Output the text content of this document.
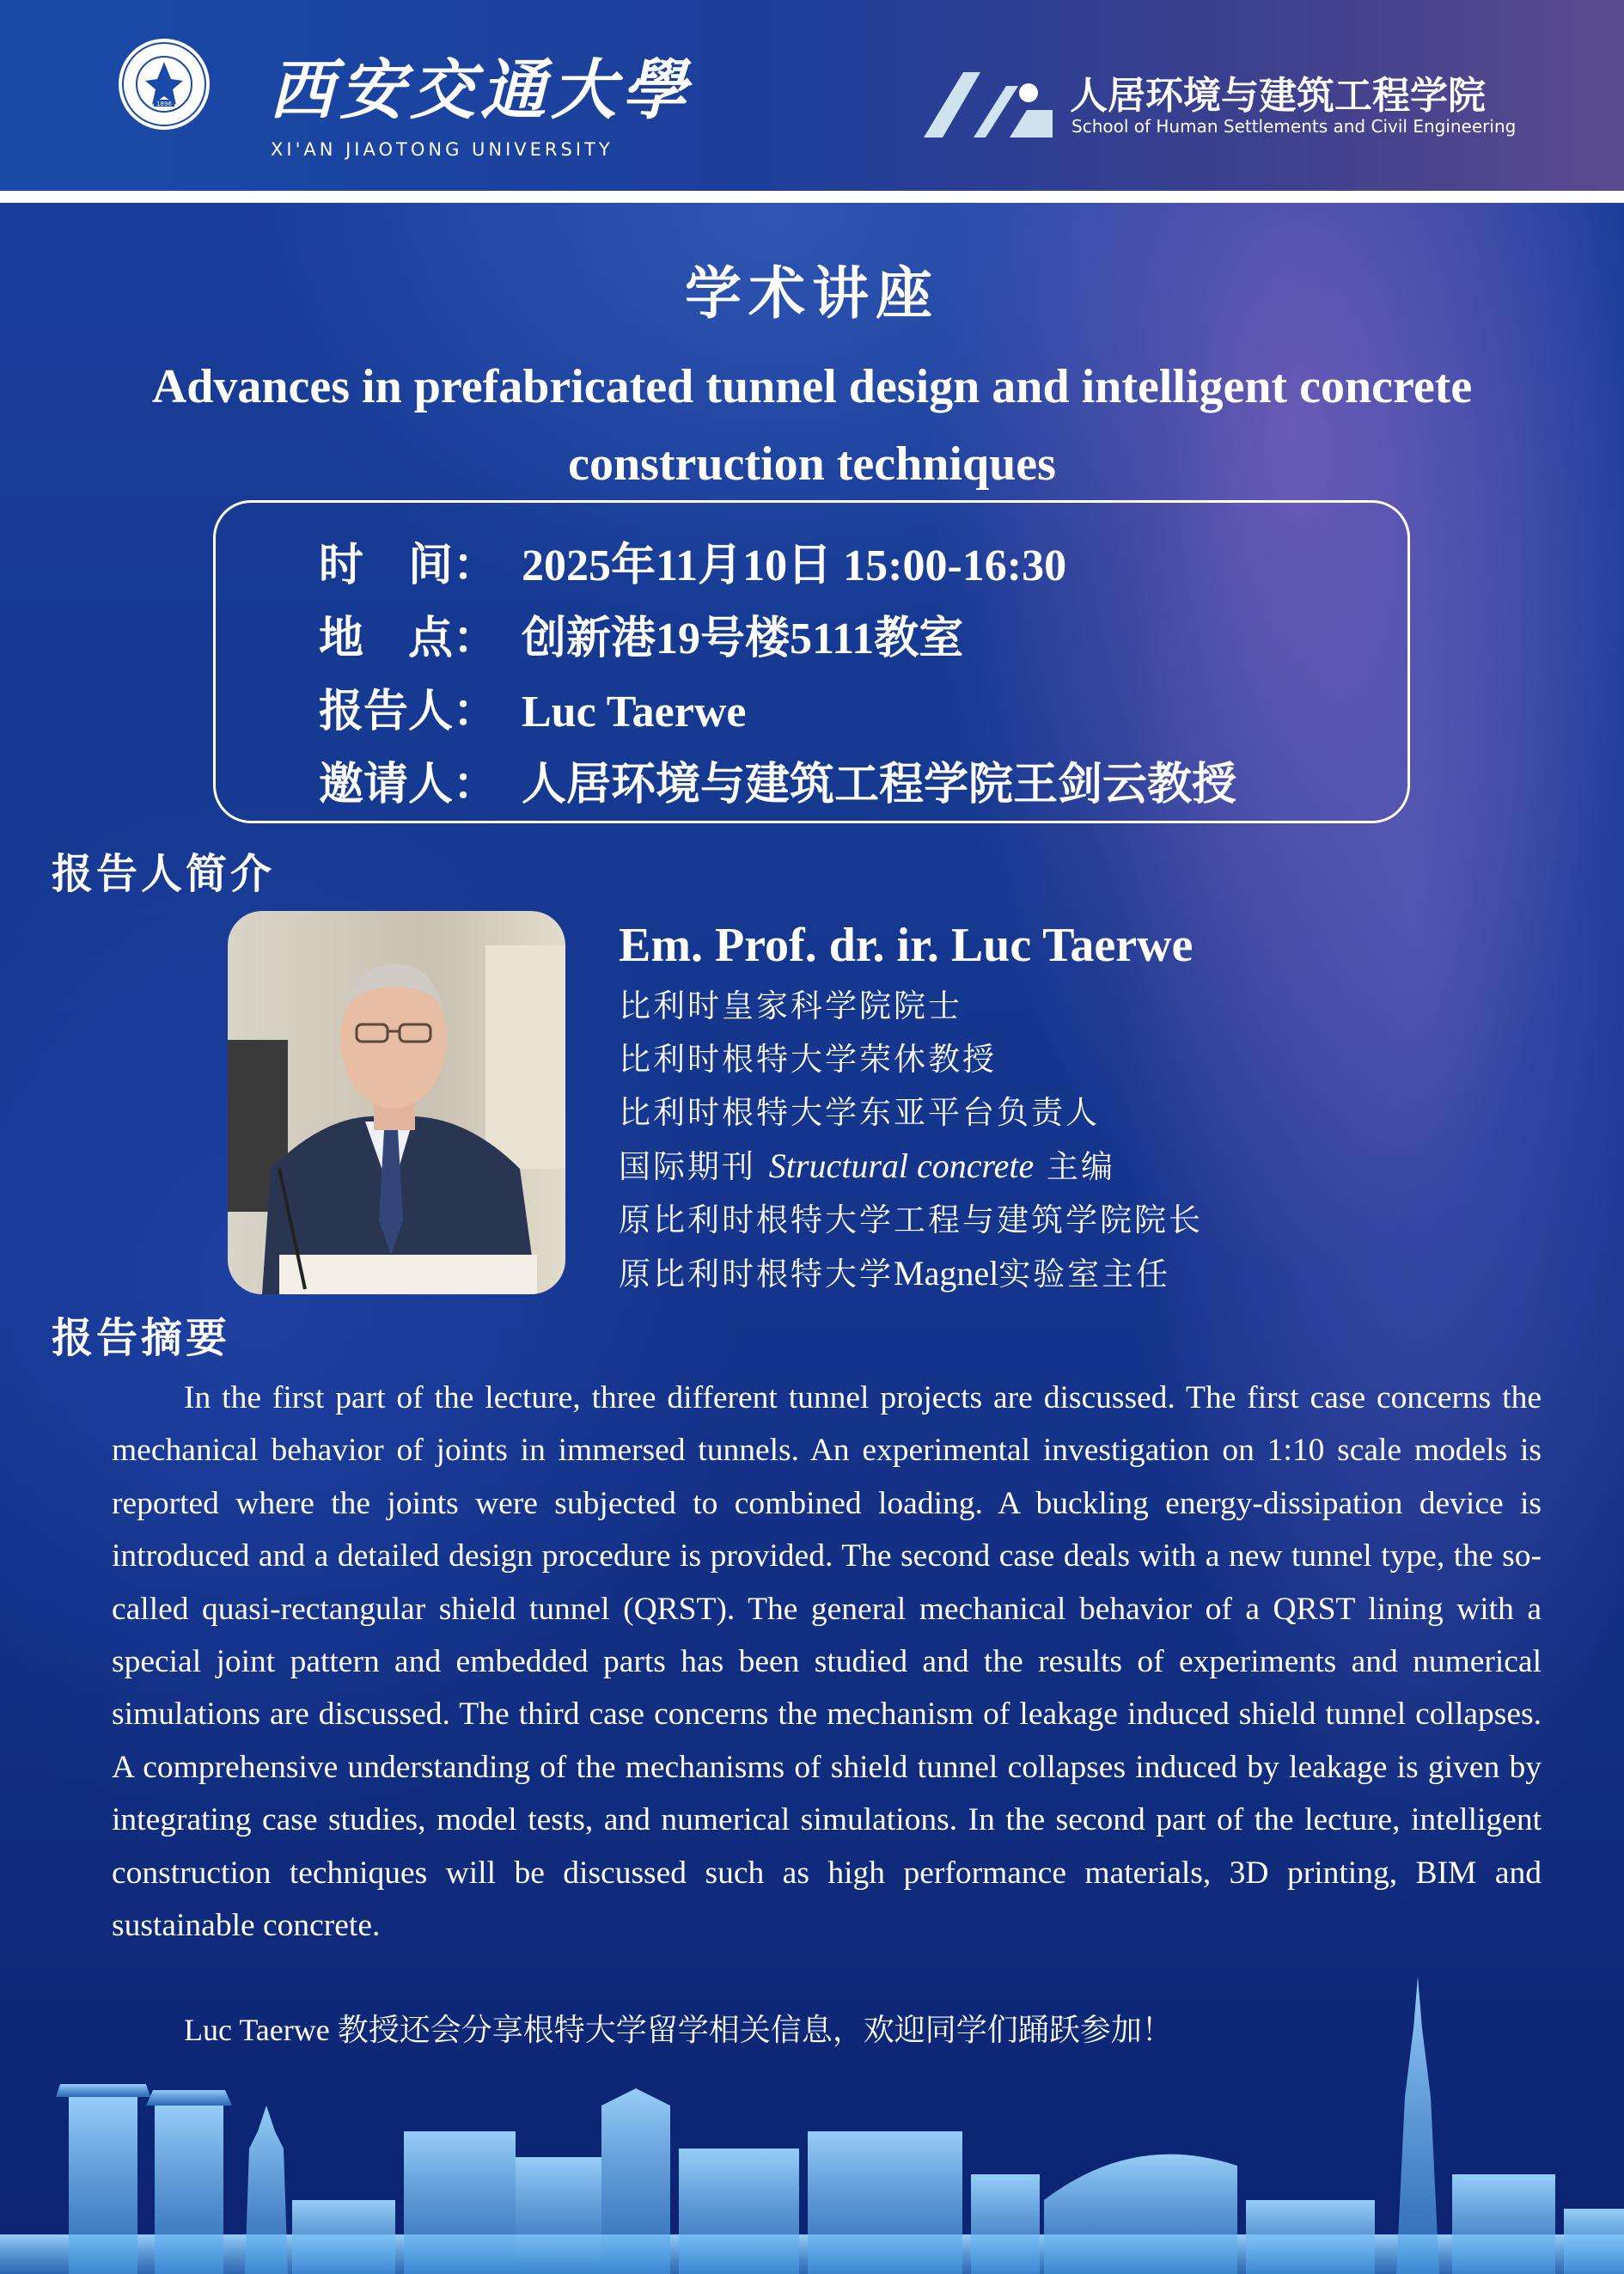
1896 西安交通大學
XI'AN JIAOTONG UNIVERSITY
人居环境与建筑工程学院
School of Human Settlements and Civil Engineering
学术讲座
Advances in prefabricated tunnel design and intelligent concrete construction techniques
时　间： 2025年11月10日 15:00-16:30
地　点： 创新港19号楼5111教室
报告人： Luc Taerwe
邀请人： 人居环境与建筑工程学院王剑云教授
报告人简介
Em. Prof. dr. ir. Luc Taerwe
比利时皇家科学院院士
比利时根特大学荣休教授
比利时根特大学东亚平台负责人
国际期刊 Structural concrete 主编
原比利时根特大学工程与建筑学院院长
原比利时根特大学Magnel实验室主任
报告摘要

In the first part of the lecture, three different tunnel projects are discussed. The first case concerns the mechanical behavior of joints in immersed tunnels. An experimental investigation on 1:10 scale models is reported where the joints were subjected to combined loading. A buckling energy-dissipation device is introduced and a detailed design procedure is provided. The second case deals with a new tunnel type, the so-called quasi-rectangular shield tunnel (QRST). The general mechanical behavior of a QRST lining with a special joint pattern and embedded parts has been studied and the results of experiments and numerical simulations are discussed. The third case concerns the mechanism of leakage induced shield tunnel collapses. A comprehensive understanding of the mechanisms of shield tunnel collapses induced by leakage is given by integrating case studies, model tests, and numerical simulations. In the second part of the lecture, intelligent construction techniques will be discussed such as high performance materials, 3D printing, BIM and sustainable concrete.

Luc Taerwe 教授还会分享根特大学留学相关信息，欢迎同学们踊跃参加！
